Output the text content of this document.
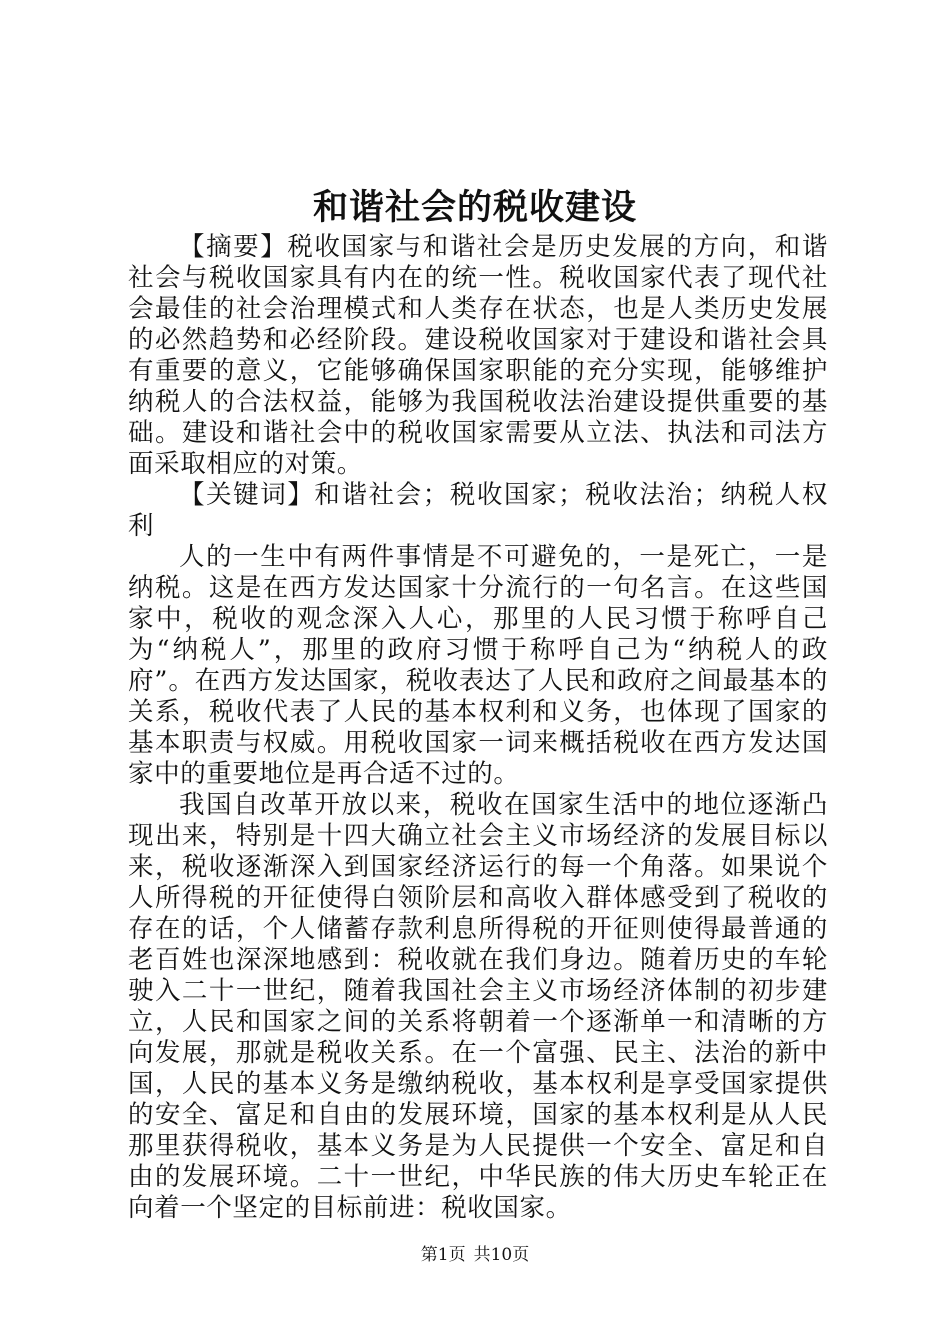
和谐社会的税收建设

【摘要】税收国家与和谐社会是历史发展的方向，和谐社会与税收国家具有内在的统一性。税收国家代表了现代社会最佳的社会治理模式和人类存在状态，也是人类历史发展的必然趋势和必经阶段。建设税收国家对于建设和谐社会具有重要的意义，它能够确保国家职能的充分实现，能够维护纳税人的合法权益，能够为我国税收法治建设提供重要的基础。建设和谐社会中的税收国家需要从立法、执法和司法方面采取相应的对策。

【关键词】和谐社会；税收国家；税收法治；纳税人权利

人的一生中有两件事情是不可避免的，一是死亡，一是纳税。这是在西方发达国家十分流行的一句名言。在这些国家中，税收的观念深入人心，那里的人民习惯于称呼自己为“纳税人”，那里的政府习惯于称呼自己为“纳税人的政府”。在西方发达国家，税收表达了人民和政府之间最基本的关系，税收代表了人民的基本权利和义务，也体现了国家的基本职责与权威。用税收国家一词来概括税收在西方发达国家中的重要地位是再合适不过的。

我国自改革开放以来，税收在国家生活中的地位逐渐凸现出来，特别是十四大确立社会主义市场经济的发展目标以来，税收逐渐深入到国家经济运行的每一个角落。如果说个人所得税的开征使得白领阶层和高收入群体感受到了税收的存在的话，个人储蓄存款利息所得税的开征则使得最普通的老百姓也深深地感到：税收就在我们身边。随着历史的车轮驶入二十一世纪，随着我国社会主义市场经济体制的初步建立，人民和国家之间的关系将朝着一个逐渐单一和清晰的方向发展，那就是税收关系。在一个富强、民主、法治的新中国，人民的基本义务是缴纳税收，基本权利是享受国家提供的安全、富足和自由的发展环境，国家的基本权利是从人民那里获得税收，基本义务是为人民提供一个安全、富足和自由的发展环境。二十一世纪，中华民族的伟大历史车轮正在向着一个坚定的目标前进：税收国家。

第1页 共10页
